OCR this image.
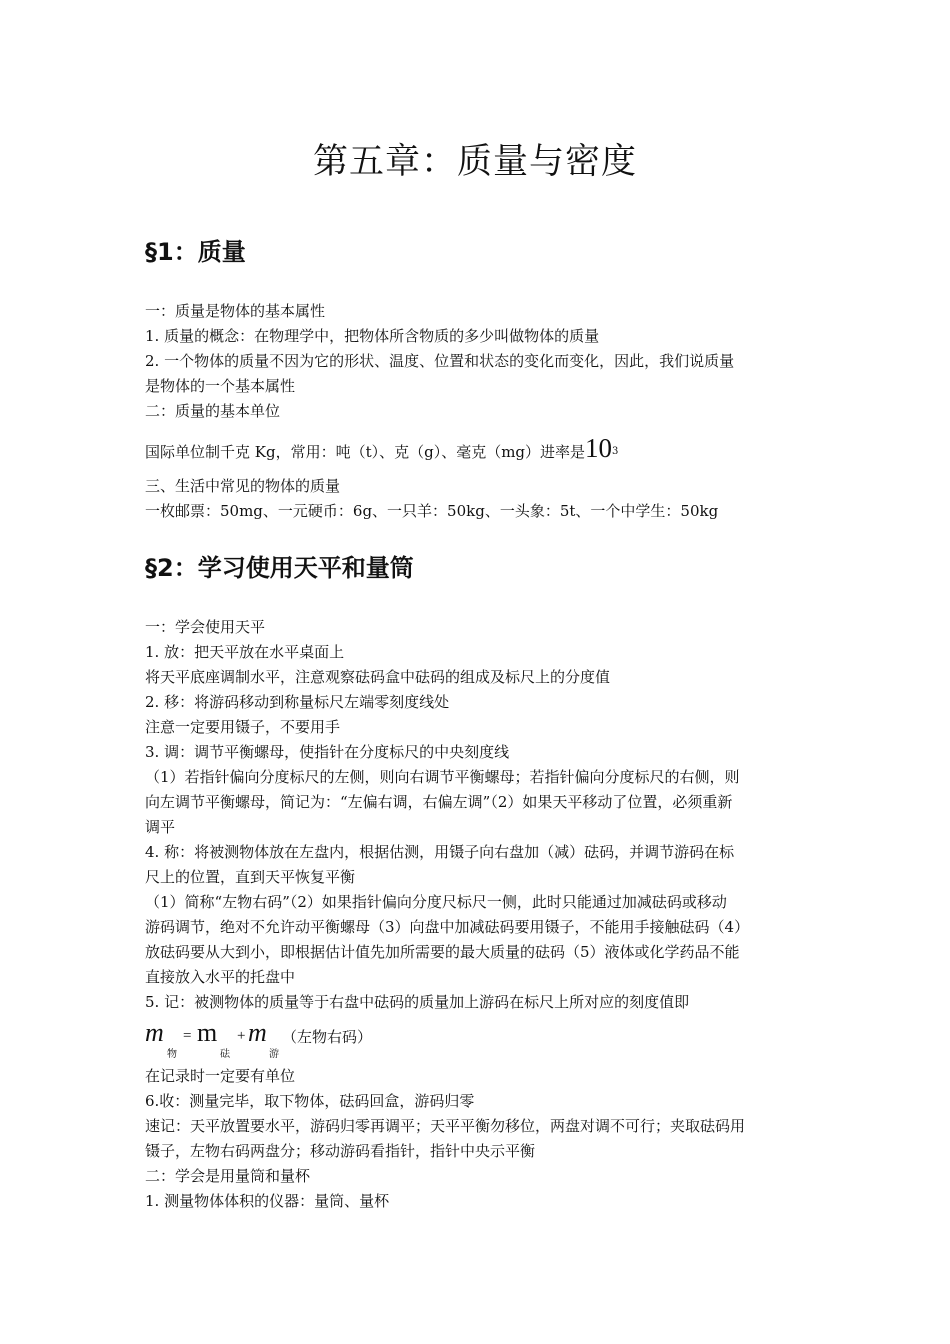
第五章：质量与密度
§1：质量
一：质量是物体的基本属性
1. 质量的概念：在物理学中，把物体所含物质的多少叫做物体的质量
2. 一个物体的质量不因为它的形状、温度、位置和状态的变化而变化，因此，我们说质量
是物体的一个基本属性
二：质量的基本单位
国际单位制千克 Kg，常用：吨（t）、克（g）、毫克（mg）进率是$10^3$
三、生活中常见的物体的质量
一枚邮票：50mg、一元硬币：6g、一只羊：50kg、一头象：5t、一个中学生：50kg
§2：学习使用天平和量筒
一：学会使用天平
1. 放：把天平放在水平桌面上
将天平底座调制水平，注意观察砝码盒中砝码的组成及标尺上的分度值
2. 移：将游码移动到称量标尺左端零刻度线处
注意一定要用镊子，不要用手
3. 调：调节平衡螺母，使指针在分度标尺的中央刻度线
（1）若指针偏向分度标尺的左侧，则向右调节平衡螺母；若指针偏向分度标尺的右侧，则
向左调节平衡螺母，简记为：“左偏右调，右偏左调”（2）如果天平移动了位置，必须重新
调平
4. 称：将被测物体放在左盘内，根据估测，用镊子向右盘加（减）砝码，并调节游码在标
尺上的位置，直到天平恢复平衡
（1）简称“左物右码”（2）如果指针偏向分度尺标尺一侧，此时只能通过加减砝码或移动
游码调节，绝对不允许动平衡螺母（3）向盘中加减砝码要用镊子，不能用手接触砝码（4）
放砝码要从大到小，即根据估计值先加所需要的最大质量的砝码（5）液体或化学药品不能
直接放入水平的托盘中
5. 记：被测物体的质量等于右盘中砝码的质量加上游码在标尺上所对应的刻度值即
m
物
= m
砝
+ m
游
（左物右码）
在记录时一定要有单位
6.收：测量完毕，取下物体，砝码回盒，游码归零
速记：天平放置要水平，游码归零再调平；天平平衡勿移位，两盘对调不可行；夹取砝码用
镊子，左物右码两盘分；移动游码看指针，指针中央示平衡
二：学会是用量筒和量杯
1. 测量物体体积的仪器：量筒、量杯
